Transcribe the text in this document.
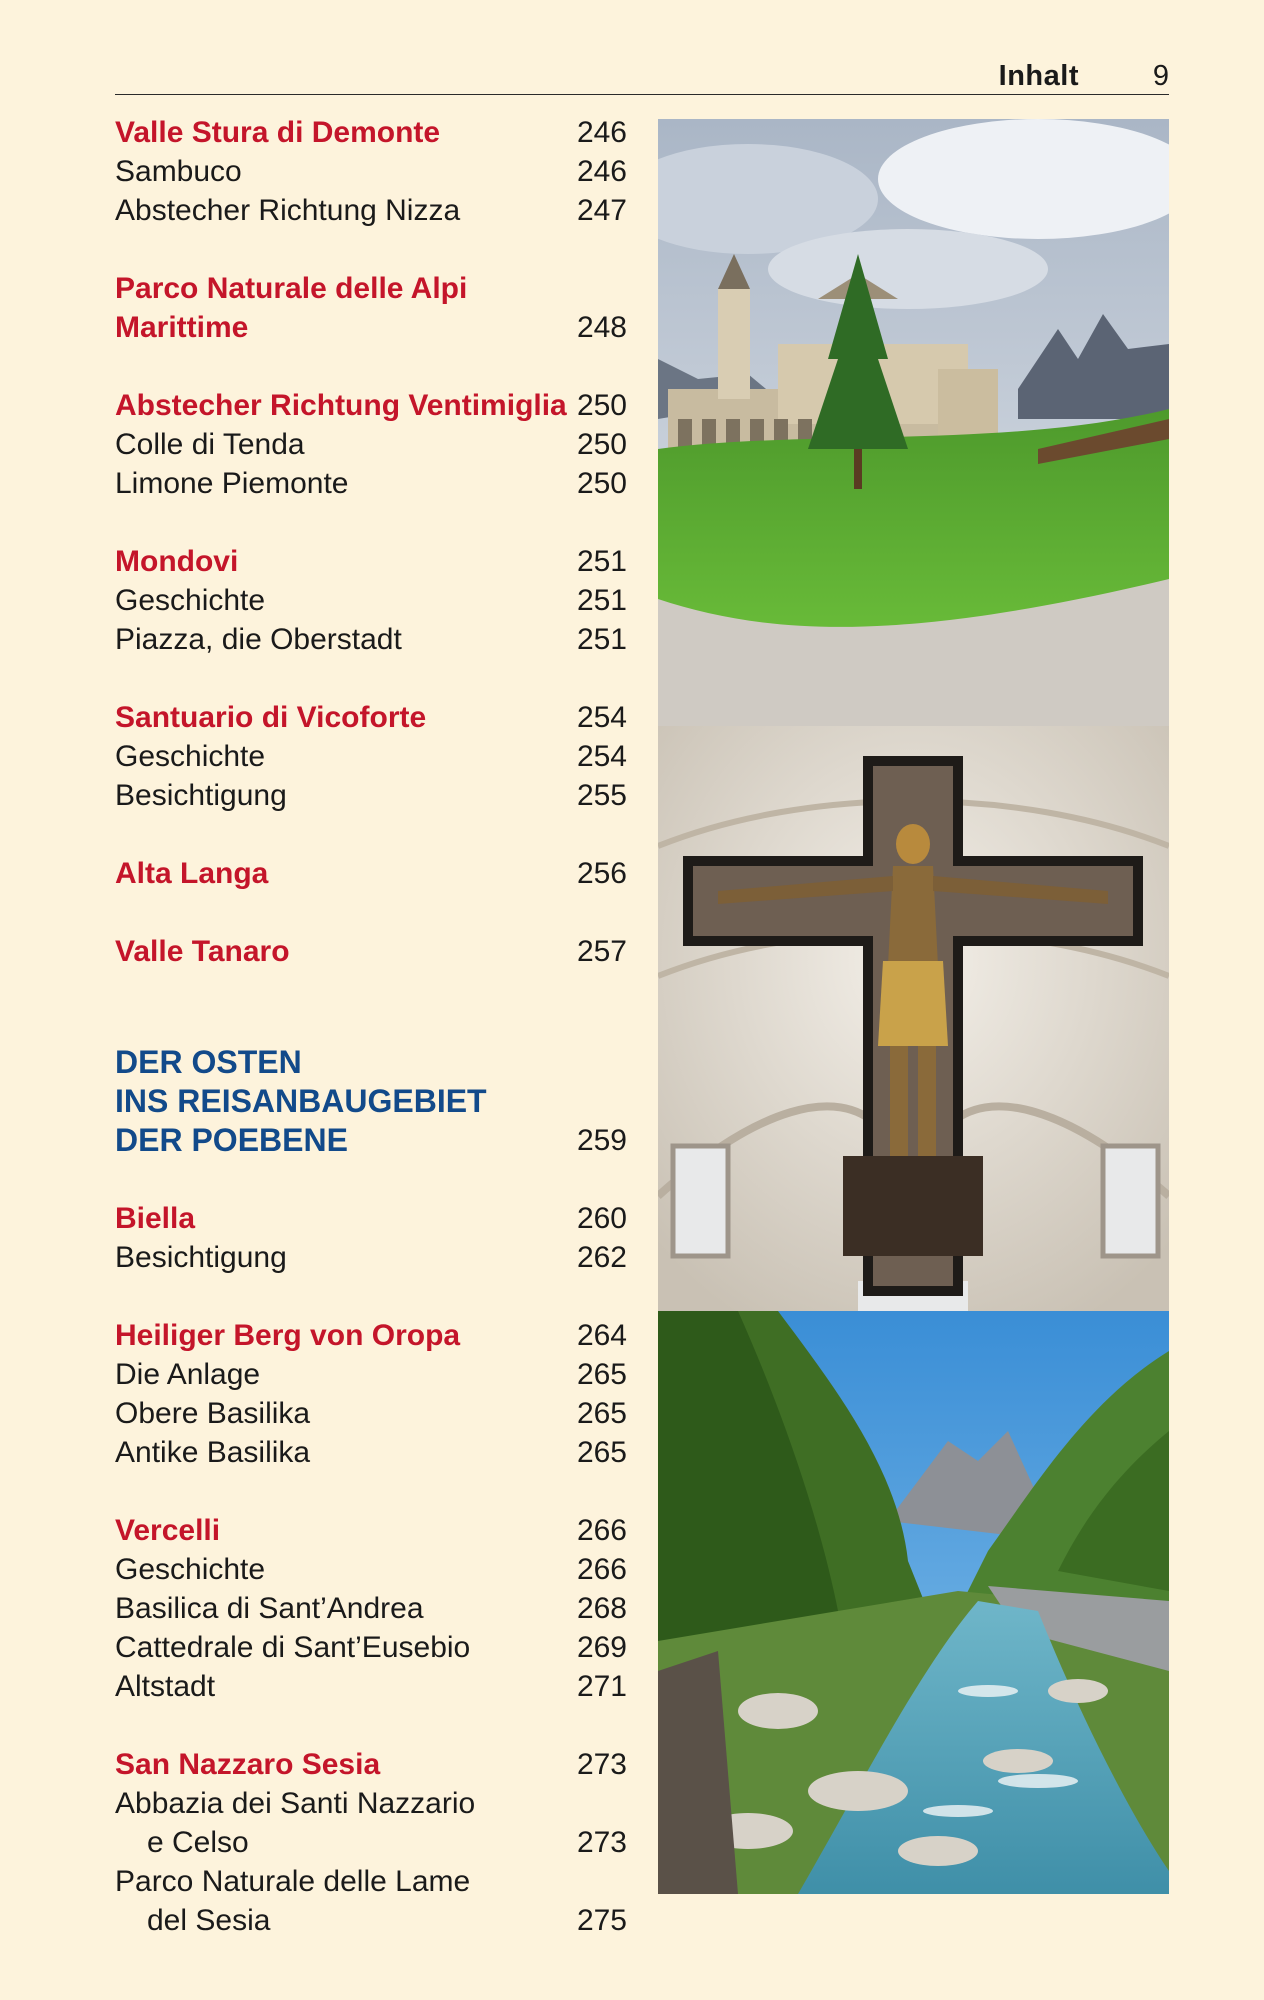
Inhalt	9
Valle Stura di Demonte	246
Sambuco	246
Abstecher Richtung Nizza	247
Parco Naturale delle Alpi
Marittime	248
Abstecher Richtung Ventimiglia 250
Colle di Tenda	250
Limone Piemonte	250
Mondovi	251
Geschichte	251
Piazza, die Oberstadt	251
Santuario di Vicoforte	254
Geschichte	254
Besichtigung	255
Alta Langa	256
Valle Tanaro	257
DER OSTEN
INS REISANBAUGEBIET
DER POEBENE	259
Biella	260
Besichtigung	262
Heiliger Berg von Oropa	264
Die Anlage	265
Obere Basilika	265
Antike Basilika	265
Vercelli	266
Geschichte	266
Basilica di Sant’Andrea	268
Cattedrale di Sant’Eusebio	269
Altstadt	271
San Nazzaro Sesia	273
Abbazia dei Santi Nazzario
e Celso	273
Parco Naturale delle Lame
del Sesia	275
